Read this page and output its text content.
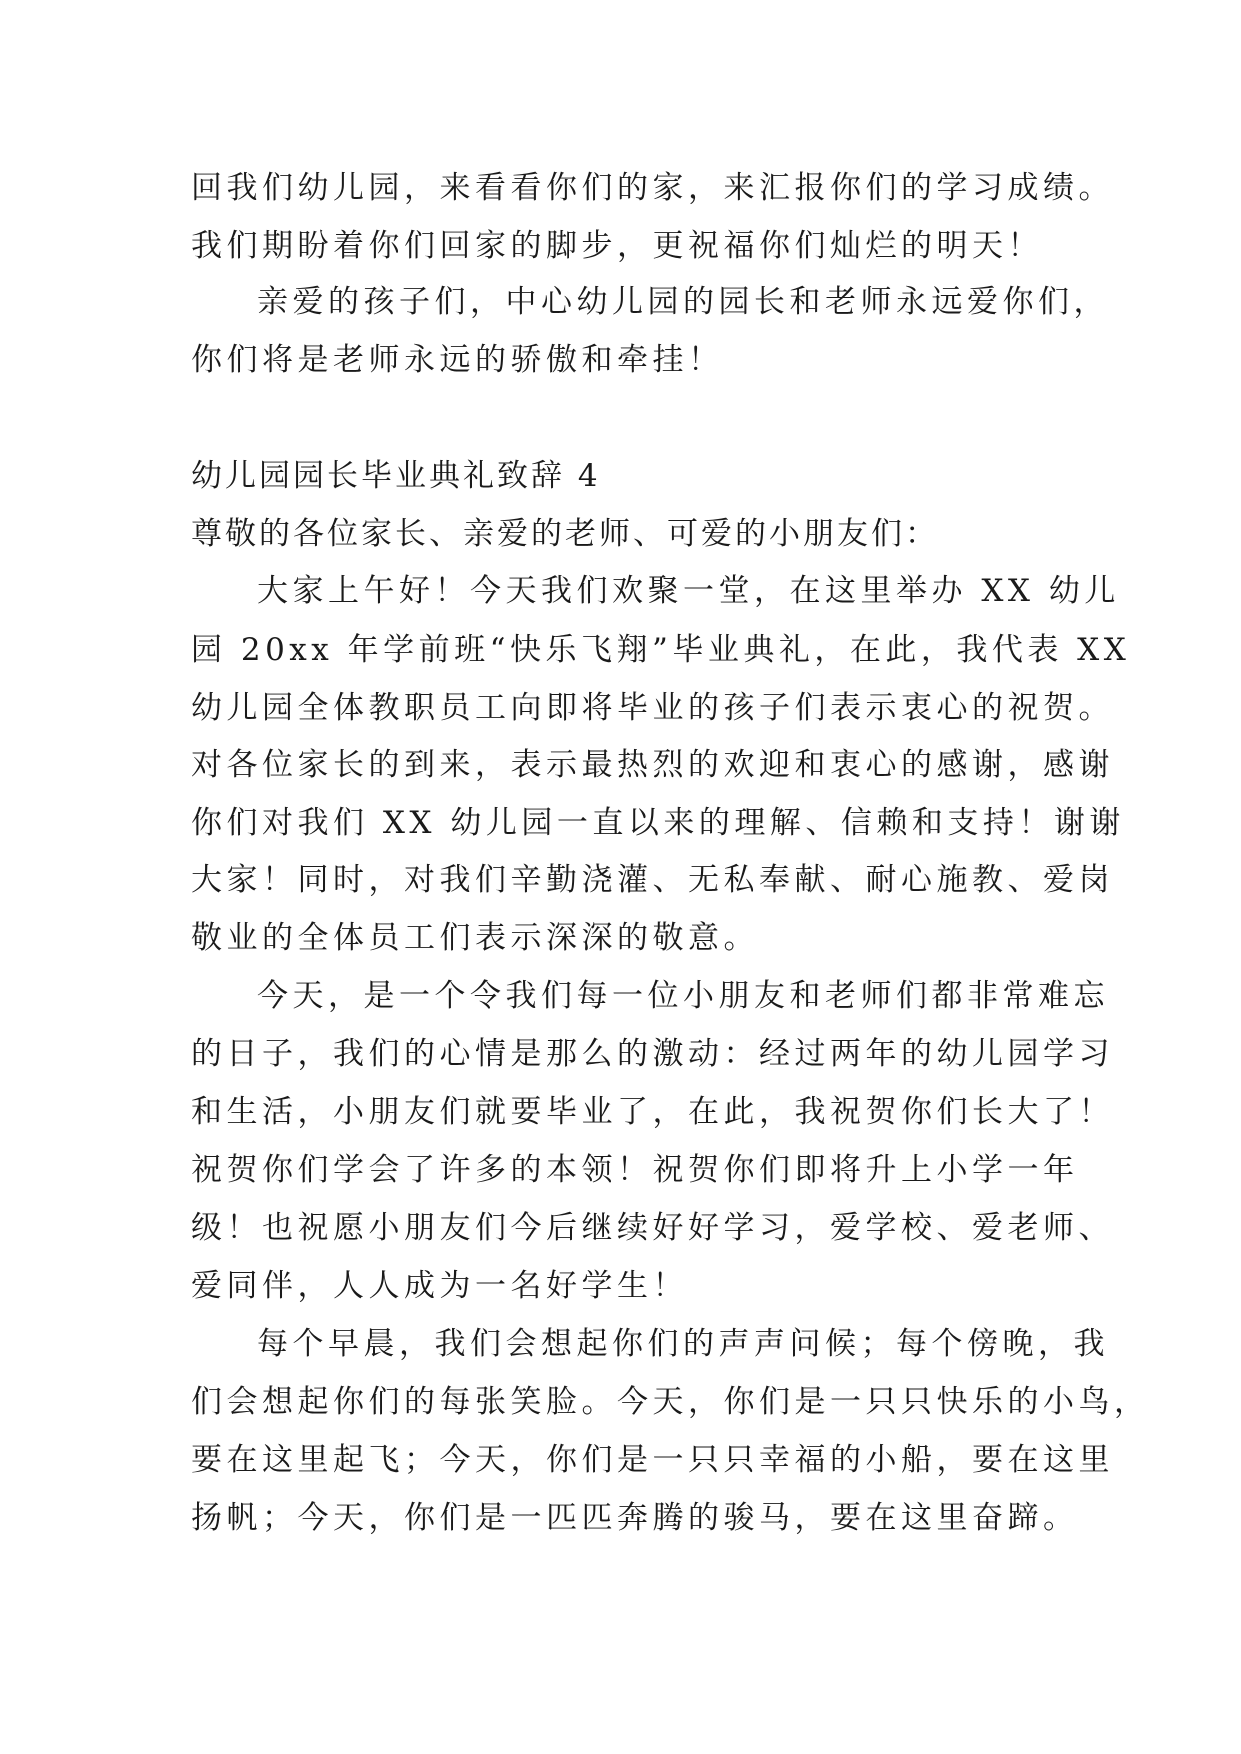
回我们幼儿园，来看看你们的家，来汇报你们的学习成绩。
我们期盼着你们回家的脚步，更祝福你们灿烂的明天！
亲爱的孩子们，中心幼儿园的园长和老师永远爱你们，
你们将是老师永远的骄傲和牵挂！
幼儿园园长毕业典礼致辞 4
尊敬的各位家长、亲爱的老师、可爱的小朋友们：
大家上午好！今天我们欢聚一堂，在这里举办 XX 幼儿
园 20xx 年学前班“快乐飞翔”毕业典礼，在此，我代表 XX
幼儿园全体教职员工向即将毕业的孩子们表示衷心的祝贺。
对各位家长的到来，表示最热烈的欢迎和衷心的感谢，感谢
你们对我们 XX 幼儿园一直以来的理解、信赖和支持！谢谢
大家！同时，对我们辛勤浇灌、无私奉献、耐心施教、爱岗
敬业的全体员工们表示深深的敬意。
今天，是一个令我们每一位小朋友和老师们都非常难忘
的日子，我们的心情是那么的激动：经过两年的幼儿园学习
和生活，小朋友们就要毕业了，在此，我祝贺你们长大了！
祝贺你们学会了许多的本领！祝贺你们即将升上小学一年
级！也祝愿小朋友们今后继续好好学习，爱学校、爱老师、
爱同伴，人人成为一名好学生！
每个早晨，我们会想起你们的声声问候；每个傍晚，我
们会想起你们的每张笑脸。今天，你们是一只只快乐的小鸟，
要在这里起飞；今天，你们是一只只幸福的小船，要在这里
扬帆；今天，你们是一匹匹奔腾的骏马，要在这里奋蹄。
